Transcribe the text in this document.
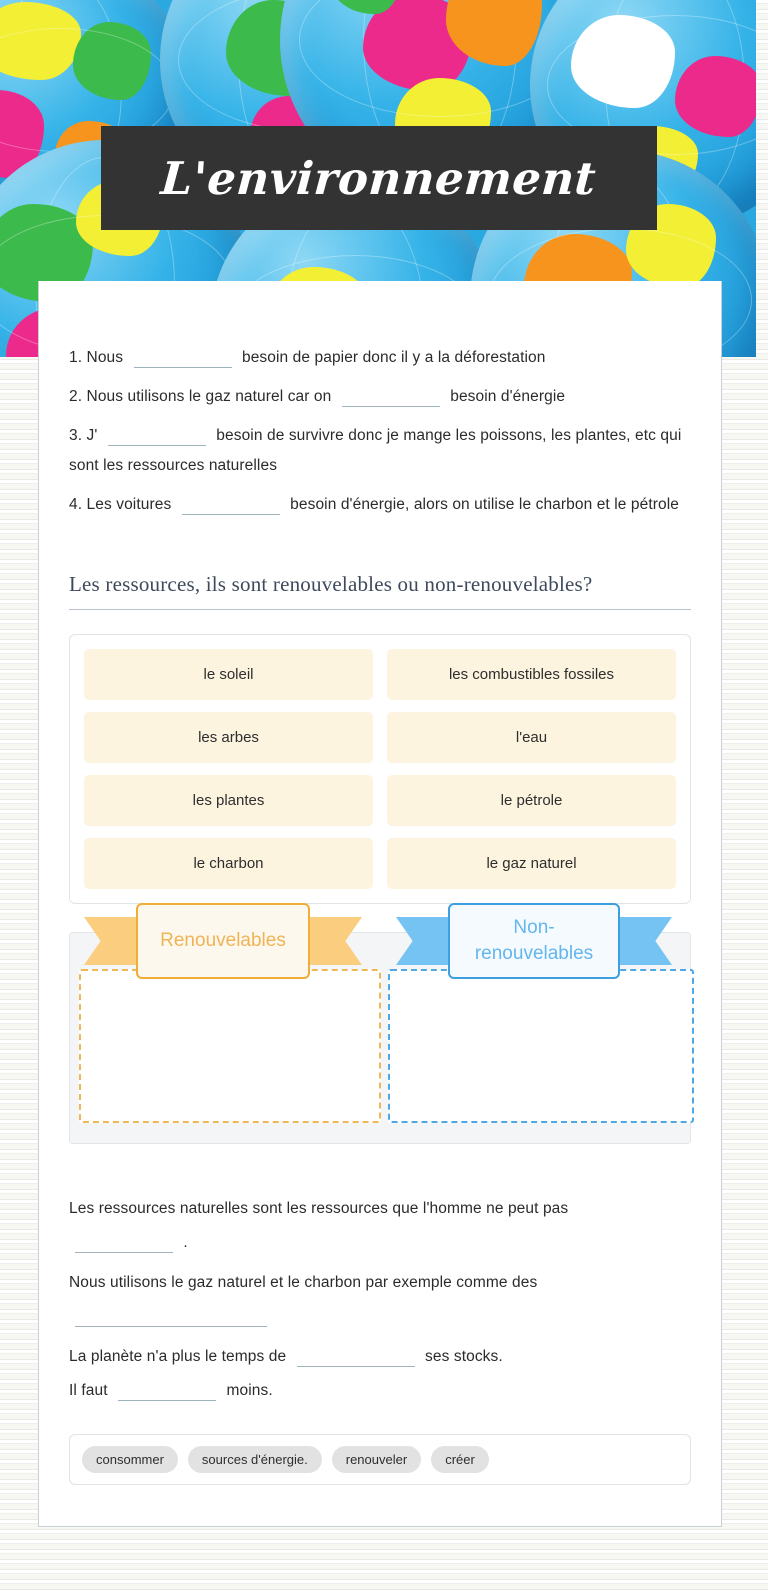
L'environnement
1. Nous	besoin de papier donc il y a la déforestation
2. Nous utilisons le gaz naturel car on	besoin d'énergie
3. J'	besoin de survivre donc je mange les poissons, les plantes, etc qui sont les ressources naturelles
4. Les voitures	besoin d'énergie, alors on utilise le charbon et le pétrole
Les ressources, ils sont renouvelables ou non-renouvelables?
le soleil	les combustibles fossiles
les arbes	l'eau
les plantes	le pétrole
le charbon	le gaz naturel
Renouvelables
Non-renouvelables
Les ressources naturelles sont les ressources que l'homme ne peut pas
.
Nous utilisons le gaz naturel et le charbon par exemple comme des
La planète n'a plus le temps de	ses stocks.
Il faut	moins.
consommer	sources d'énergie.	renouveler	créer
